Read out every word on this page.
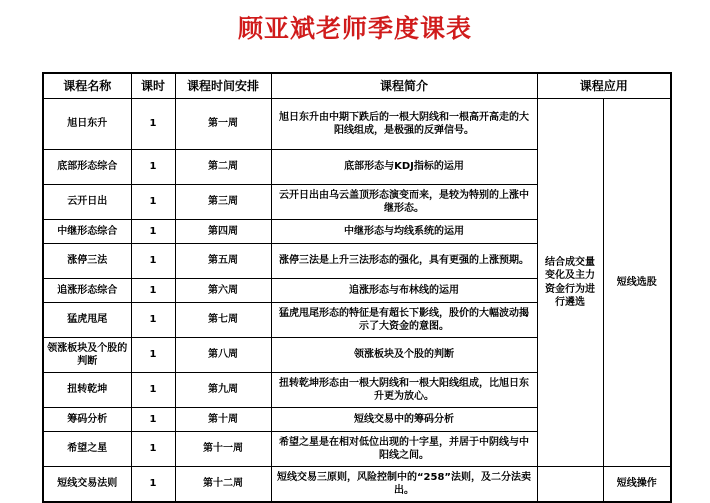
顾亚斌老师季度课表
课程名称	课时	课程时间安排	课程简介	课程应用	
旭日东升	1	第一周	旭日东升由中期下跌后的一根大阴线和一根高开高走的大阳线组成，是极强的反弹信号。	结合成交量变化及主力资金行为进行遴选	短线选股
底部形态综合	1	第二周	底部形态与KDJ指标的运用		
云开日出	1	第三周	云开日出由乌云盖顶形态演变而来，是较为特别的上涨中继形态。		
中继形态综合	1	第四周	中继形态与均线系统的运用		
涨停三法	1	第五周	涨停三法是上升三法形态的强化，具有更强的上涨预期。		
追涨形态综合	1	第六周	追涨形态与布林线的运用		
猛虎甩尾	1	第七周	猛虎甩尾形态的特征是有超长下影线，股价的大幅波动揭示了大资金的意图。		
领涨板块及个股的判断	1	第八周	领涨板块及个股的判断		
扭转乾坤	1	第九周	扭转乾坤形态由一根大阴线和一根大阳线组成，比旭日东升更为放心。		
筹码分析	1	第十周	短线交易中的筹码分析		
希望之星	1	第十一周	希望之星是在相对低位出现的十字星，并居于中阴线与中阳线之间。		
短线交易法则	1	第十二周	短线交易三原则，风险控制中的“258”法则，及二分法卖出。		短线操作
